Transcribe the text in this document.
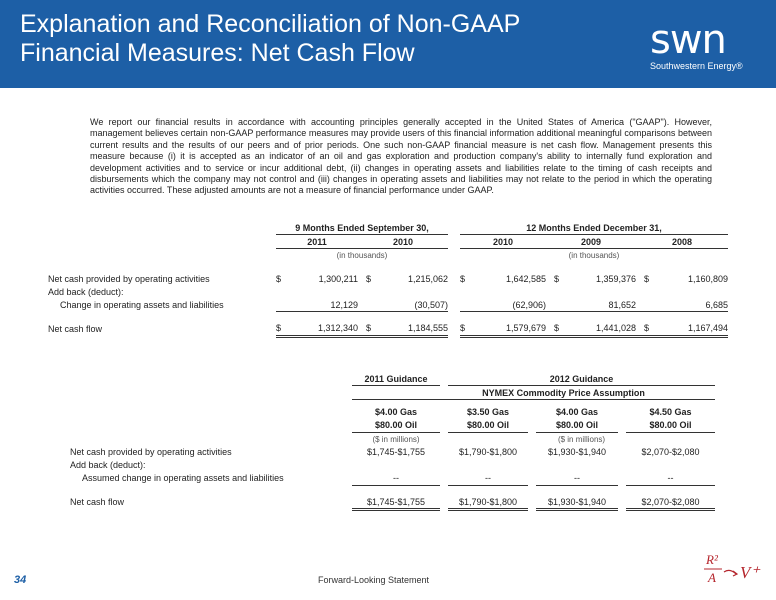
Explanation and Reconciliation of Non-GAAP
Financial Measures: Net Cash Flow	swn
Southwestern Energy®
We report our financial results in accordance with accounting principles generally accepted in the United States of America ("GAAP"). However, management believes certain non-GAAP performance measures may provide users of this financial information additional meaningful comparisons between current results and the results of our peers and of prior periods. One such non-GAAP financial measure is net cash flow. Management presents this measure because (i) it is accepted as an indicator of an oil and gas exploration and production company's ability to internally fund exploration and development activities and to service or incur additional debt, (ii) changes in operating assets and liabilities relate to the timing of cash receipts and disbursements which the company may not control and (iii) changes in operating assets and liabilities may not relate to the period in which the operating activities occurred. These adjusted amounts are not a measure of financial performance under GAAP.
	9 Months Ended September 30,					12 Months Ended December 31,					
	2011		2010			2010		2009		2008	
	(in thousands)					(in thousands)					

Net cash provided by operating activities	$	1,300,211	$	1,215,062		$	1,642,585	$	1,359,376	$	1,160,809
Add back (deduct):											
Change in operating assets and liabilities		12,129		(30,507)			(62,906)		81,652		6,685

Net cash flow	$	1,312,340	$	1,184,555		$	1,579,679	$	1,441,028	$	1,167,494
	2011 Guidance		2012 Guidance				
	NYMEX Commodity Price Assumption						

	$4.00 Gas		$3.50 Gas		$4.00 Gas		$4.50 Gas
	$80.00 Oil		$80.00 Oil		$80.00 Oil		$80.00 Oil
	($ in millions)		($ in millions)				
Net cash provided by operating activities	$1,745-$1,755		$1,790-$1,800		$1,930-$1,940		$2,070-$2,080
Add back (deduct):							
Assumed change in operating assets and liabilities	--		--		--		--

Net cash flow	$1,745-$1,755		$1,790-$1,800		$1,930-$1,940		$2,070-$2,080
34	Forward-Looking Statement
R²
A V⁺
